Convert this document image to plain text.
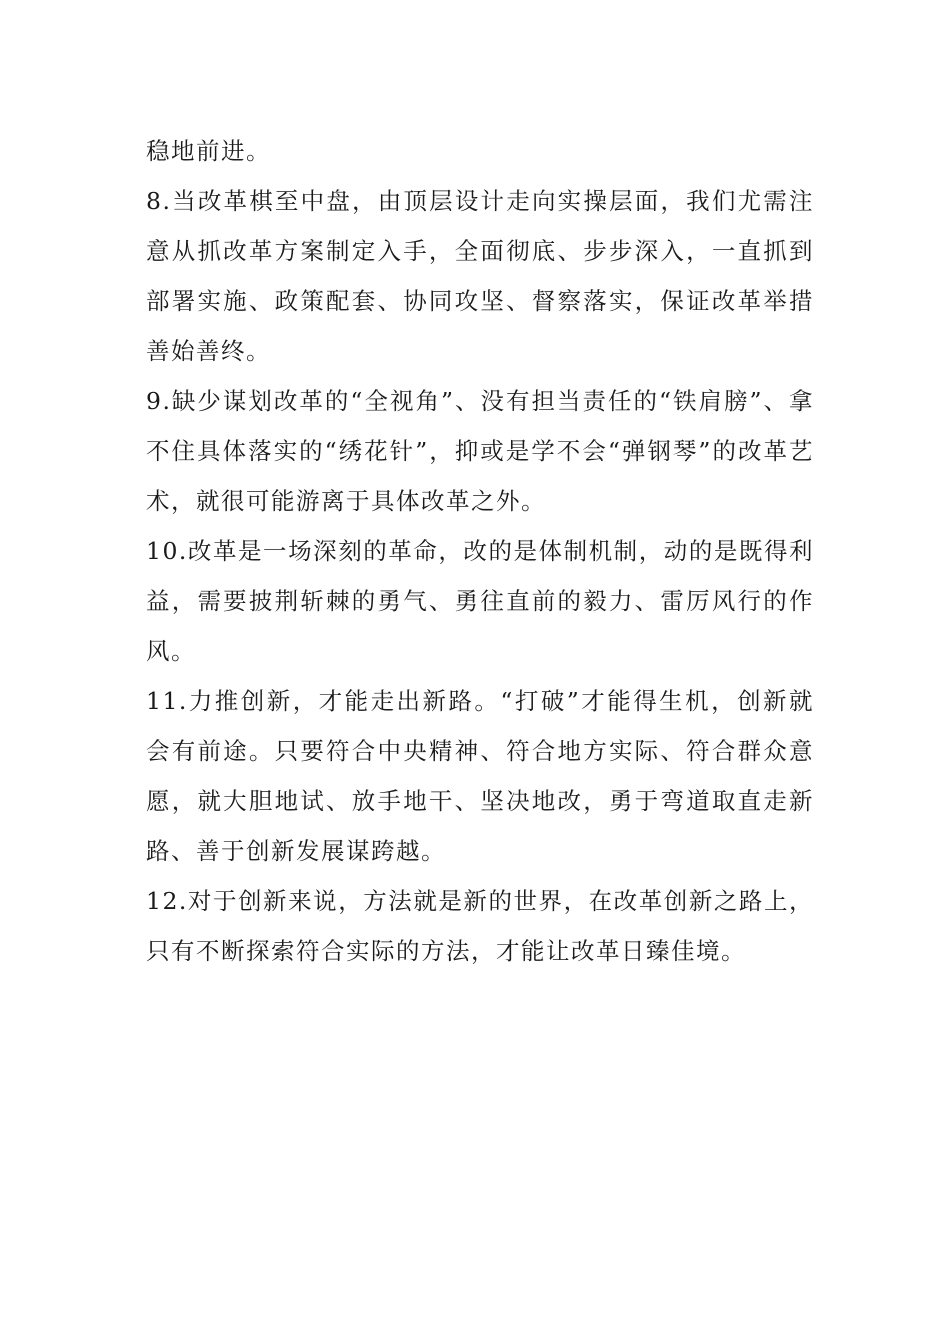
稳地前进。

8.当改革棋至中盘，由顶层设计走向实操层面，我们尤需注意从抓改革方案制定入手，全面彻底、步步深入，一直抓到部署实施、政策配套、协同攻坚、督察落实，保证改革举措善始善终。

9.缺少谋划改革的“全视角”、没有担当责任的“铁肩膀”、拿不住具体落实的“绣花针”，抑或是学不会“弹钢琴”的改革艺术，就很可能游离于具体改革之外。

10.改革是一场深刻的革命，改的是体制机制，动的是既得利益，需要披荆斩棘的勇气、勇往直前的毅力、雷厉风行的作风。

11.力推创新，才能走出新路。“打破”才能得生机，创新就会有前途。只要符合中央精神、符合地方实际、符合群众意愿，就大胆地试、放手地干、坚决地改，勇于弯道取直走新路、善于创新发展谋跨越。

12.对于创新来说，方法就是新的世界，在改革创新之路上，只有不断探索符合实际的方法，才能让改革日臻佳境。
